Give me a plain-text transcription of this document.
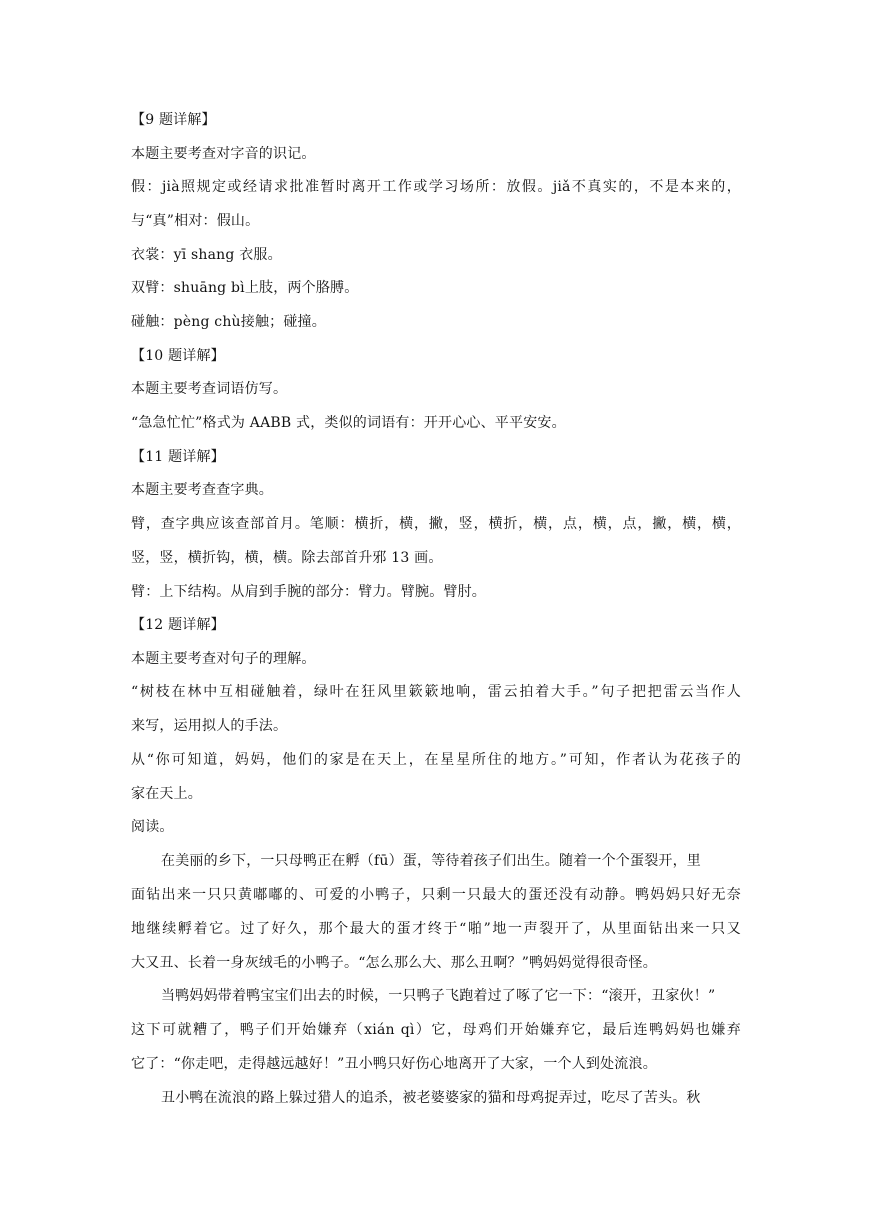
【9 题详解】

本题主要考查对字音的识记。

假：jià照规定或经请求批准暂时离开工作或学习场所：放假。jiǎ不真实的，不是本来的，

与“真”相对：假山。

衣裳：yī shang 衣服。

双臂：shuāng bì上肢，两个胳膊。

碰触：pèng chù接触；碰撞。

【10 题详解】

本题主要考查词语仿写。

“急急忙忙”格式为 AABB 式，类似的词语有：开开心心、平平安安。

【11 题详解】

本题主要考查查字典。

臂，查字典应该查部首月。笔顺：横折，横，撇，竖，横折，横，点，横，点，撇，横，横，

竖，竖，横折钩，横，横。除去部首升邪 13 画。

臂：上下结构。从肩到手腕的部分：臂力。臂腕。臂肘。

【12 题详解】

本题主要考查对句子的理解。

“树枝在林中互相碰触着，绿叶在狂风里簌簌地响，雷云拍着大手。”句子把把雷云当作人

来写，运用拟人的手法。

从“你可知道，妈妈，他们的家是在天上，在星星所住的地方。”可知，作者认为花孩子的

家在天上。

阅读。

在美丽的乡下，一只母鸭正在孵（fū）蛋，等待着孩子们出生。随着一个个蛋裂开，里

面钻出来一只只黄嘟嘟的、可爱的小鸭子，只剩一只最大的蛋还没有动静。鸭妈妈只好无奈

地继续孵着它。过了好久，那个最大的蛋才终于“啪”地一声裂开了，从里面钻出来一只又

大又丑、长着一身灰绒毛的小鸭子。“怎么那么大、那么丑啊？”鸭妈妈觉得很奇怪。

当鸭妈妈带着鸭宝宝们出去的时候，一只鸭子飞跑着过了啄了它一下：“滚开，丑家伙！”

这下可就糟了，鸭子们开始嫌弃（xián qì）它，母鸡们开始嫌弃它，最后连鸭妈妈也嫌弃

它了：“你走吧，走得越远越好！”丑小鸭只好伤心地离开了大家，一个人到处流浪。

丑小鸭在流浪的路上躲过猎人的追杀，被老婆婆家的猫和母鸡捉弄过，吃尽了苦头。秋
